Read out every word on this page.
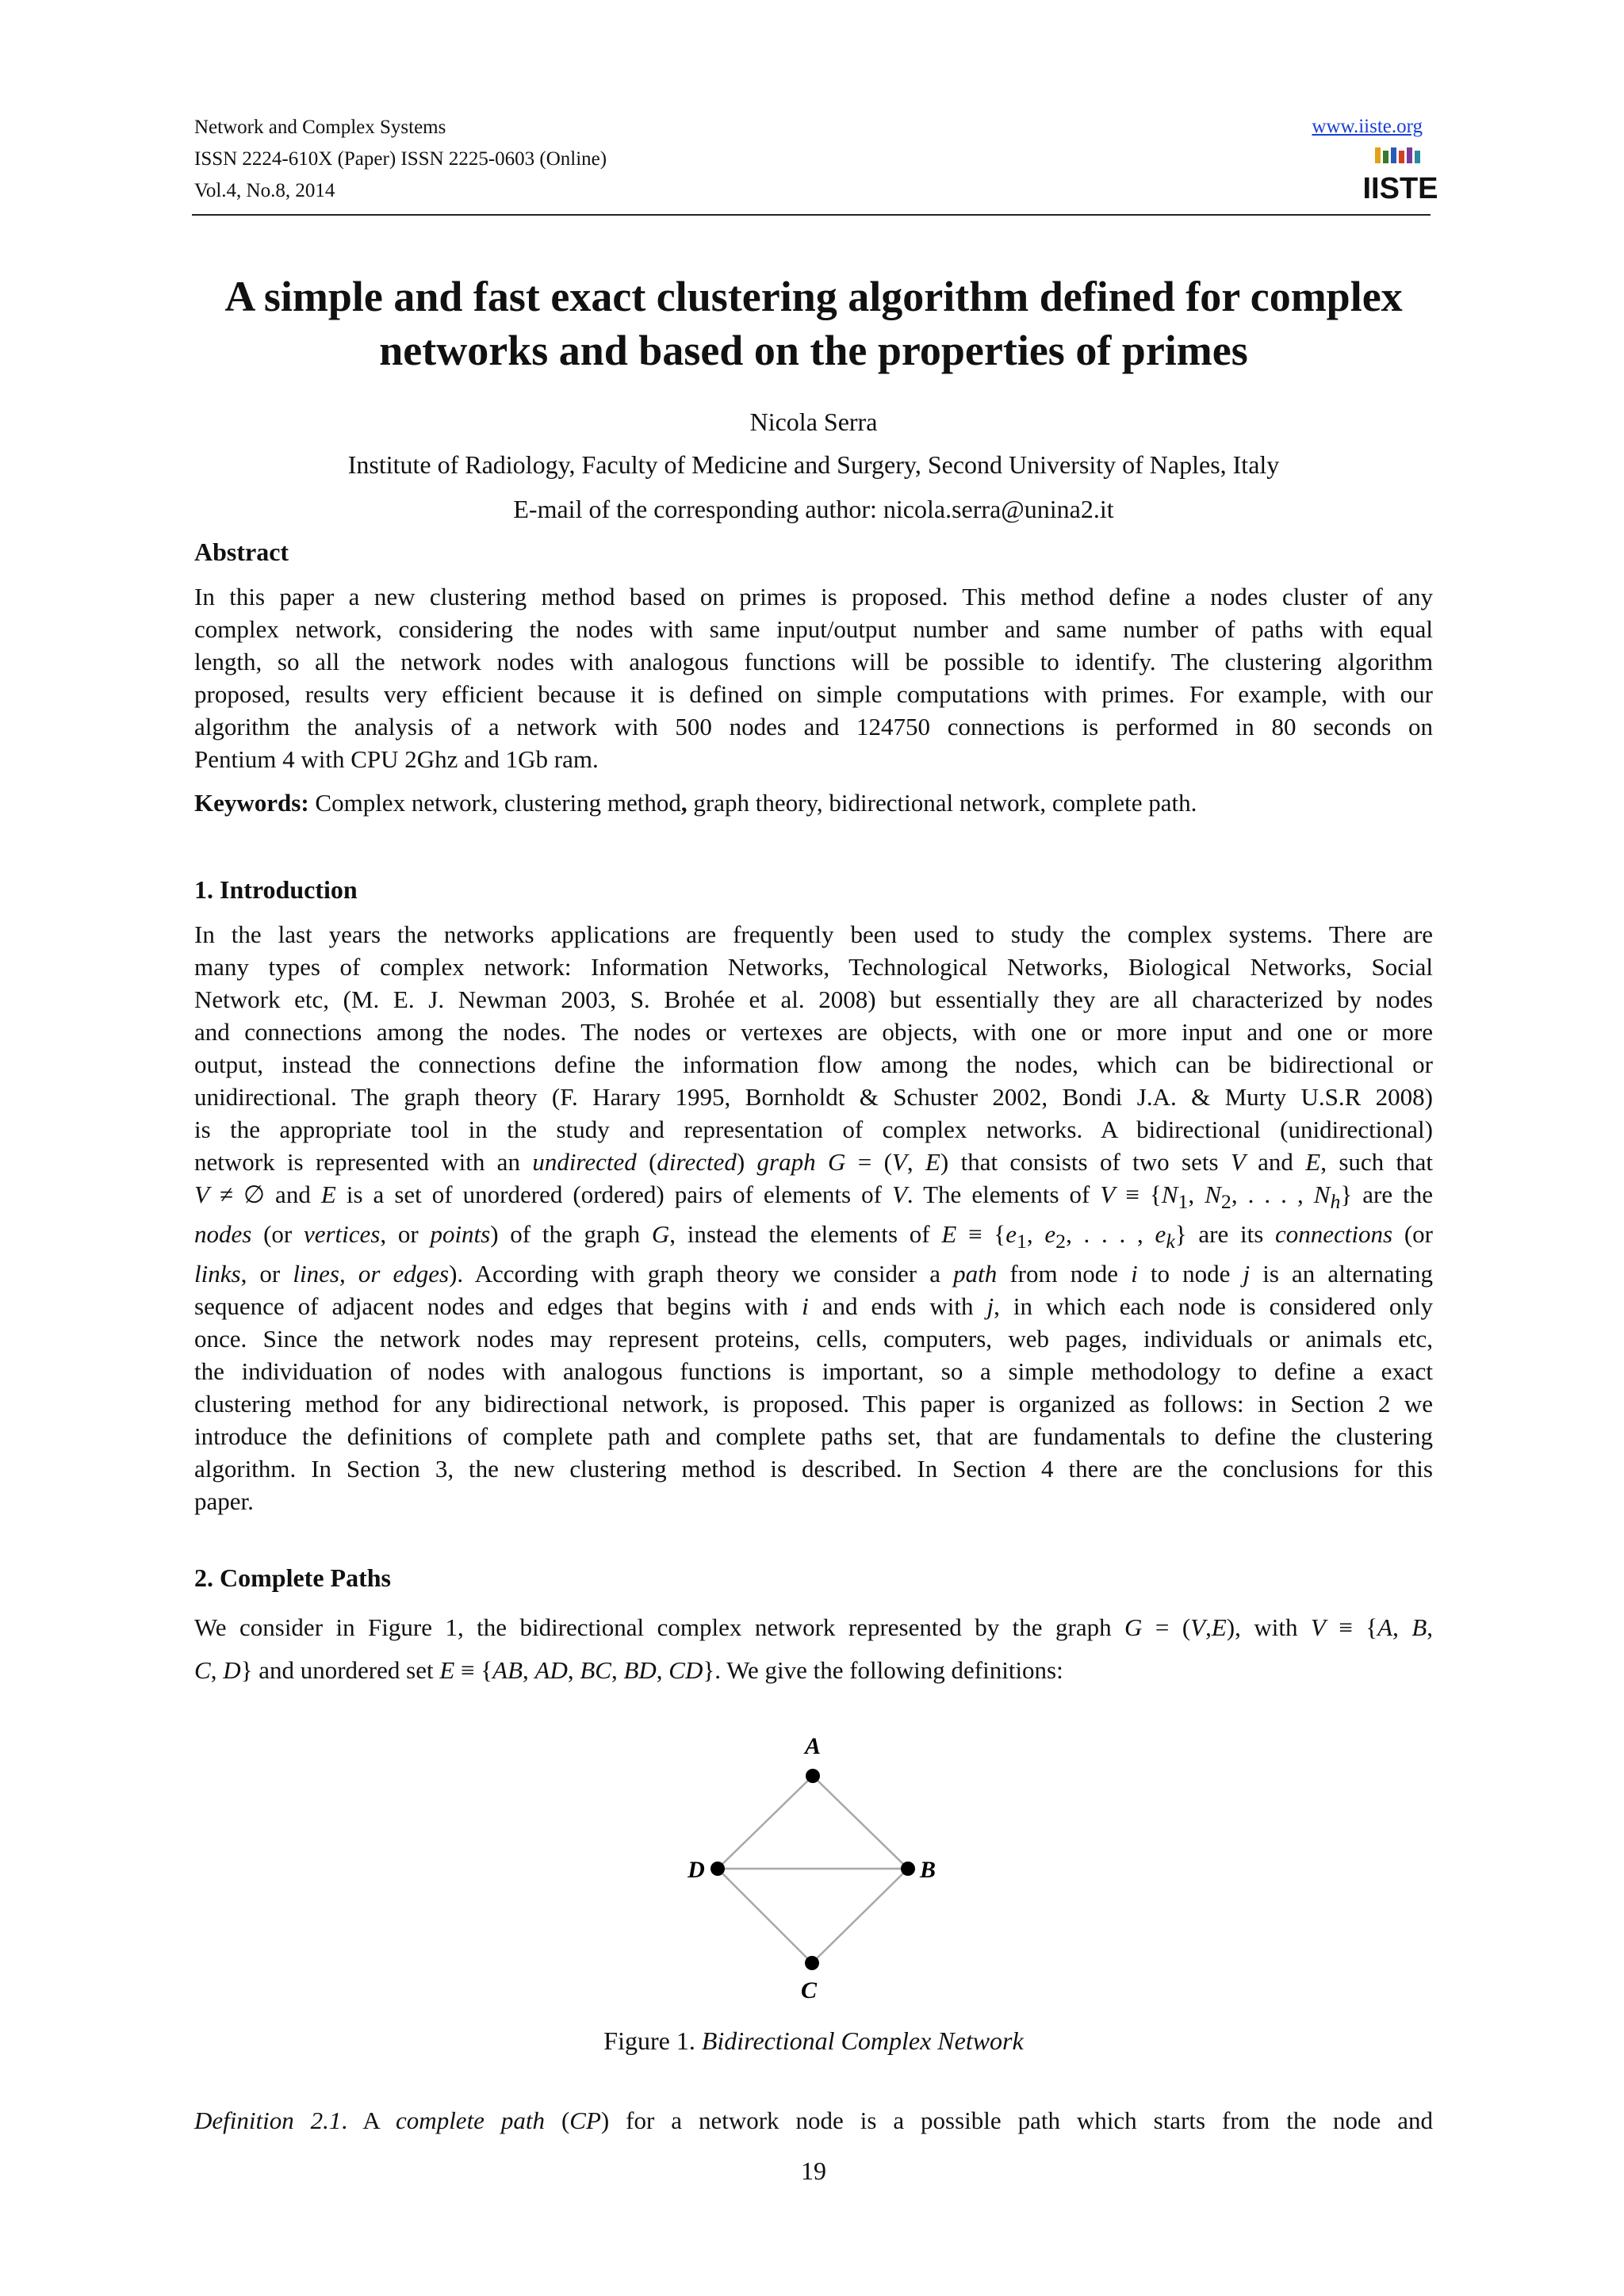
Network and Complex Systems
ISSN 2224-610X (Paper) ISSN 2225-0603 (Online)
Vol.4, No.8, 2014
www.iiste.org
IISTE
A simple and fast exact clustering algorithm defined for complex
networks and based on the properties of primes
Nicola Serra
Institute of Radiology, Faculty of Medicine and Surgery, Second University of Naples, Italy
E-mail of the corresponding author: nicola.serra@unina2.it
Abstract
In this paper a new clustering method based on primes is proposed. This method define a nodes cluster of any
complex network, considering the nodes with same input/output number and same number of paths with equal
length, so all the network nodes with analogous functions will be possible to identify. The clustering algorithm
proposed, results very efficient because it is defined on simple computations with primes. For example, with our
algorithm the analysis of a network with 500 nodes and 124750 connections is performed in 80 seconds on
Pentium 4 with CPU 2Ghz and 1Gb ram.
Keywords: Complex network, clustering method, graph theory, bidirectional network, complete path.
1. Introduction
In the last years the networks applications are frequently been used to study the complex systems. There are
many types of complex network: Information Networks, Technological Networks, Biological Networks, Social
Network etc, (M. E. J. Newman 2003, S. Brohée et al. 2008) but essentially they are all characterized by nodes
and connections among the nodes. The nodes or vertexes are objects, with one or more input and one or more
output, instead the connections define the information flow among the nodes, which can be bidirectional or
unidirectional. The graph theory (F. Harary 1995, Bornholdt & Schuster 2002, Bondi J.A. & Murty U.S.R 2008)
is the appropriate tool in the study and representation of complex networks. A bidirectional (unidirectional)
network is represented with an undirected (directed) graph G = (V, E) that consists of two sets V and E, such that
V ≠ ∅ and E is a set of unordered (ordered) pairs of elements of V. The elements of $V \equiv \{N_1$, $N_2$, . . . , $N_h$} are the
nodes (or vertices, or points) of the graph G, instead the elements of $E \equiv \{e_1$, $e_2$, . . . , $e_k$} are its connections (or
links, or lines, or edges). According with graph theory we consider a path from node i to node j is an alternating
sequence of adjacent nodes and edges that begins with i and ends with j, in which each node is considered only
once. Since the network nodes may represent proteins, cells, computers, web pages, individuals or animals etc,
the individuation of nodes with analogous functions is important, so a simple methodology to define a exact
clustering method for any bidirectional network, is proposed. This paper is organized as follows: in Section 2 we
introduce the definitions of complete path and complete paths set, that are fundamentals to define the clustering
algorithm. In Section 3, the new clustering method is described. In Section 4 there are the conclusions for this
paper.
2. Complete Paths
We consider in Figure 1, the bidirectional complex network represented by the graph G = (V,E), with V ≡ {A, B,
C, D} and unordered set E ≡ {AB, AD, BC, BD, CD}. We give the following definitions:
A
B
C
D
Figure 1. Bidirectional Complex Network
Definition 2.1. A complete path (CP) for a network node is a possible path which starts from the node and
19
